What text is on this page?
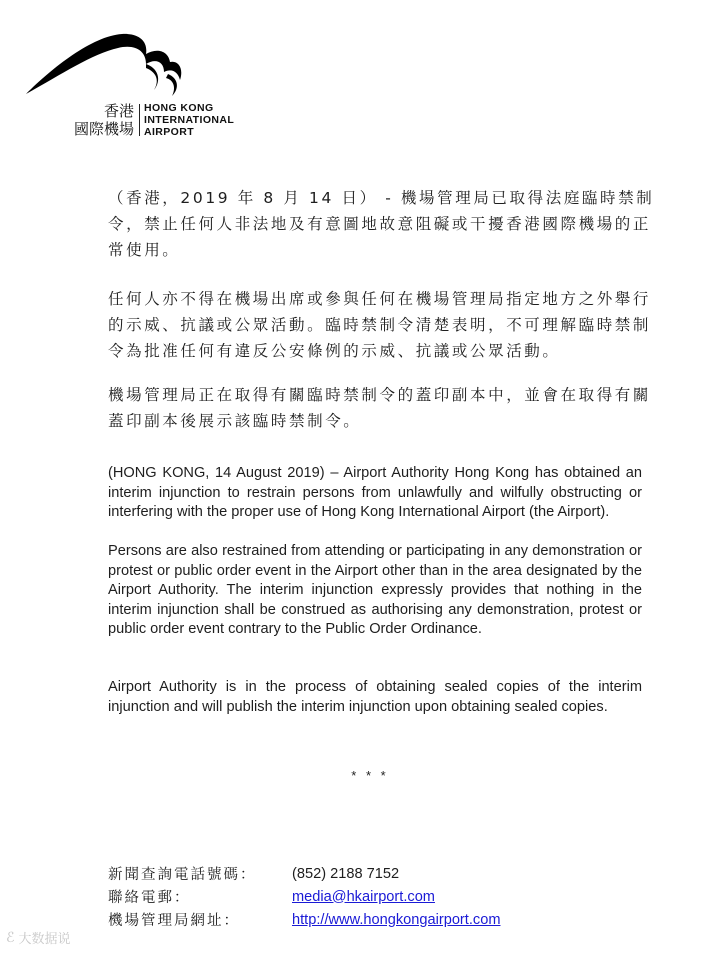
香港
國際機場
HONG KONG
INTERNATIONAL
AIRPORT

（香港，2019 年 8 月 14 日） - 機場管理局已取得法庭臨時禁制令，禁止任何人非法地及有意圖地故意阻礙或干擾香港國際機場的正常使用。

任何人亦不得在機場出席或參與任何在機場管理局指定地方之外舉行的示威、抗議或公眾活動。臨時禁制令清楚表明，不可理解臨時禁制令為批准任何有違反公安條例的示威、抗議或公眾活動。

機場管理局正在取得有關臨時禁制令的蓋印副本中，並會在取得有關蓋印副本後展示該臨時禁制令。

(HONG KONG, 14 August 2019) – Airport Authority Hong Kong has obtained an interim injunction to restrain persons from unlawfully and wilfully obstructing or interfering with the proper use of Hong Kong International Airport (the Airport).

Persons are also restrained from attending or participating in any demonstration or protest or public order event in the Airport other than in the area designated by the Airport Authority. The interim injunction expressly provides that nothing in the interim injunction shall be construed as authorising any demonstration, protest or public order event contrary to the Public Order Ordinance.

Airport Authority is in the process of obtaining sealed copies of the interim injunction and will publish the interim injunction upon obtaining sealed copies.

* * *
新聞查詢電話號碼：	(852) 2188 7152
聯絡電郵：	media@hkairport.com
機場管理局網址：	http://www.hongkongairport.com
ℰ 大数据说
